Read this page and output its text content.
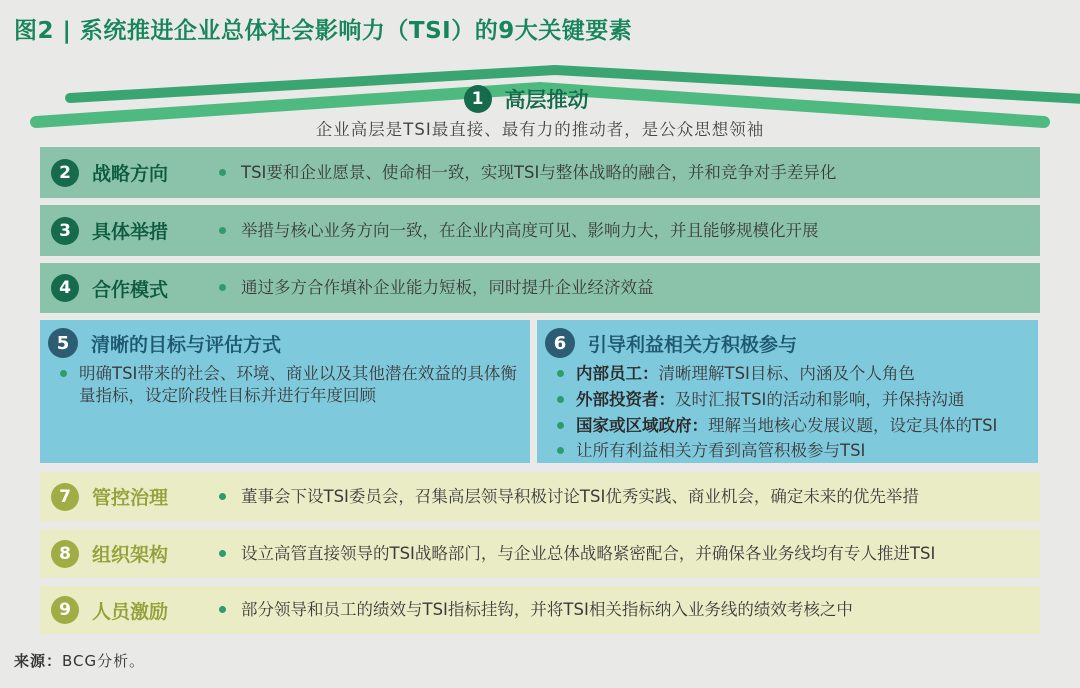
图2 | 系统推进企业总体社会影响力（TSI）的9大关键要素
1	高层推动
企业高层是TSI最直接、最有力的推动者，是公众思想领袖
2	战略方向	TSI要和企业愿景、使命相一致，实现TSI与整体战略的融合，并和竞争对手差异化
3	具体举措	举措与核心业务方向一致，在企业内高度可见、影响力大，并且能够规模化开展
4	合作模式	通过多方合作填补企业能力短板，同时提升企业经济效益
5	清晰的目标与评估方式
明确TSI带来的社会、环境、商业以及其他潜在效益的具体衡量指标，设定阶段性目标并进行年度回顾
6	引导利益相关方积极参与
内部员工：清晰理解TSI目标、内涵及个人角色
外部投资者：及时汇报TSI的活动和影响，并保持沟通
国家或区域政府：理解当地核心发展议题，设定具体的TSI
让所有利益相关方看到高管积极参与TSI
7	管控治理	董事会下设TSI委员会，召集高层领导积极讨论TSI优秀实践、商业机会，确定未来的优先举措
8	组织架构	设立高管直接领导的TSI战略部门，与企业总体战略紧密配合，并确保各业务线均有专人推进TSI
9	人员激励	部分领导和员工的绩效与TSI指标挂钩，并将TSI相关指标纳入业务线的绩效考核之中
来源：BCG分析。
